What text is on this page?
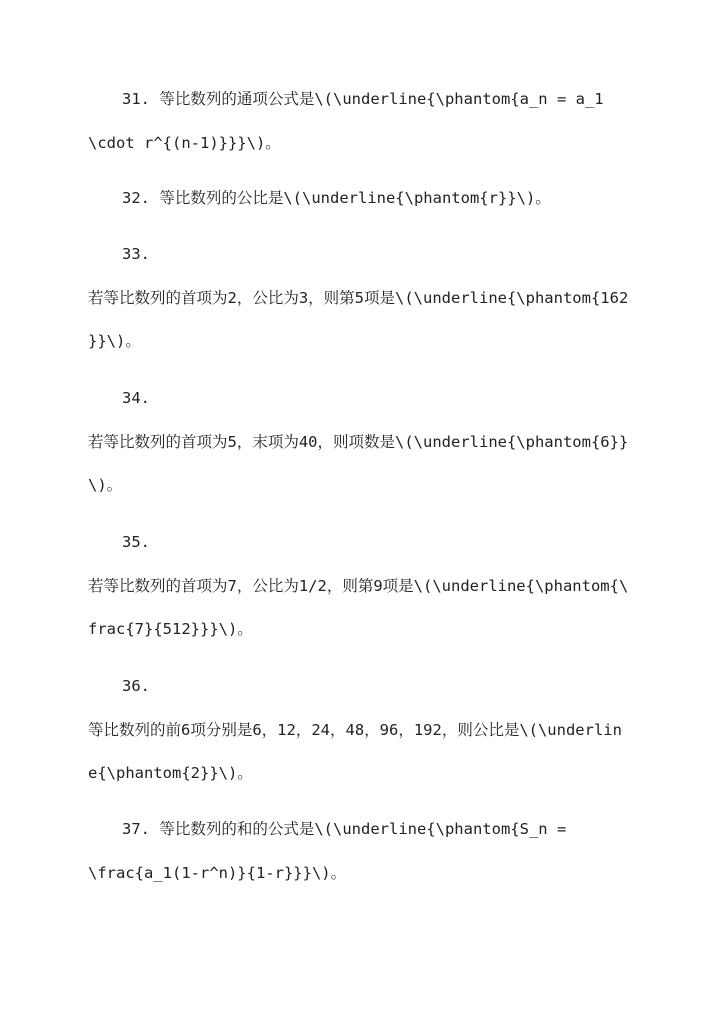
31. 等比数列的通项公式是\(\underline{\phantom{a_n = a_1
\cdot r^{(n-1)}}}\)。
32. 等比数列的公比是\(\underline{\phantom{r}}\)。
33.
若等比数列的首项为2，公比为3，则第5项是\(\underline{\phantom{162
}}\)。
34.
若等比数列的首项为5，末项为40，则项数是\(\underline{\phantom{6}}
\)。
35.
若等比数列的首项为7，公比为1/2，则第9项是\(\underline{\phantom{\
frac{7}{512}}}\)。
36.
等比数列的前6项分别是6，12，24，48，96，192，则公比是\(\underlin
e{\phantom{2}}\)。
37. 等比数列的和的公式是\(\underline{\phantom{S_n =
\frac{a_1(1-r^n)}{1-r}}}\)。
